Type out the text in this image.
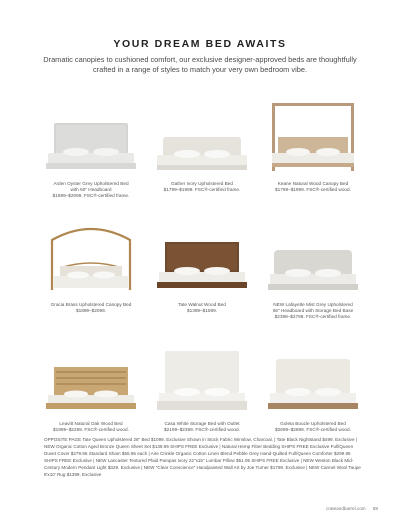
YOUR DREAM BED AWAITS
Dramatic canopies to cushioned comfort, our exclusive designer-approved beds are thoughtfully crafted in a range of styles to match your very own bedroom vibe.
Arden Oyster Grey Upholstered Bed
with 60" Headboard
$1899–$2099. FSC®-certified frame.
Gather Ivory Upholstered Bed
$1799–$1999. FSC®-certified frame.
Keane Natural Wood Canopy Bed
$1799–$1999. FSC®-certified wood.
Gracia Brass Upholstered Canopy Bed
$1899–$2099.
Tate Walnut Wood Bed
$1399–$1599.
NEW Lafayette Mist Grey Upholstered
56" Headboard with Storage Bed Base
$2398–$2798. FSC®-certified frame.
Leavitt Natural Oak Wood Bed
$1999–$2299. FSC®-certified wood.
Casa White Storage Bed with Outlet
$2199–$2399. FSC®-certified wood.
Goleta Boucle Upholstered Bed
$2699–$2899. FSC®-certified wood.
OPPOSITE PAGE Tate Queen Upholstered 28" Bed $1099. Exclusive Shown in Stock Fabric Winslow, Charcoal. | Tate Black Nightstand $499. Exclusive | NEW Organic Cotton Aged Bronze Queen Sheet Set $139.95 SHIPS FREE Exclusive | Natural Hemp Fiber Bedding SHIPS FREE Exclusive Full/Queen Duvet Cover $279.95 Standard Sham $55.95 each | Aire Crinkle Organic Cotton Linen Blend Pebble Grey Hand-Quilted Full/Queen Comforter $299.95 SHIPS FREE Exclusive | NEW Lancaster Textured Plaid Pampas Ivory 22"x15" Lumbar Pillow $51.95 SHIPS FREE Exclusive | NEW Weston Black Mid-Century Modern Pendant Light $329. Exclusive | NEW "Clear Conscience" Handpainted Wall Art by Joe Turner $1799. Exclusive | NEW Carmel Wool Taupe 8'x10' Rug $1399. Exclusive
crateandbarrel.com 59
